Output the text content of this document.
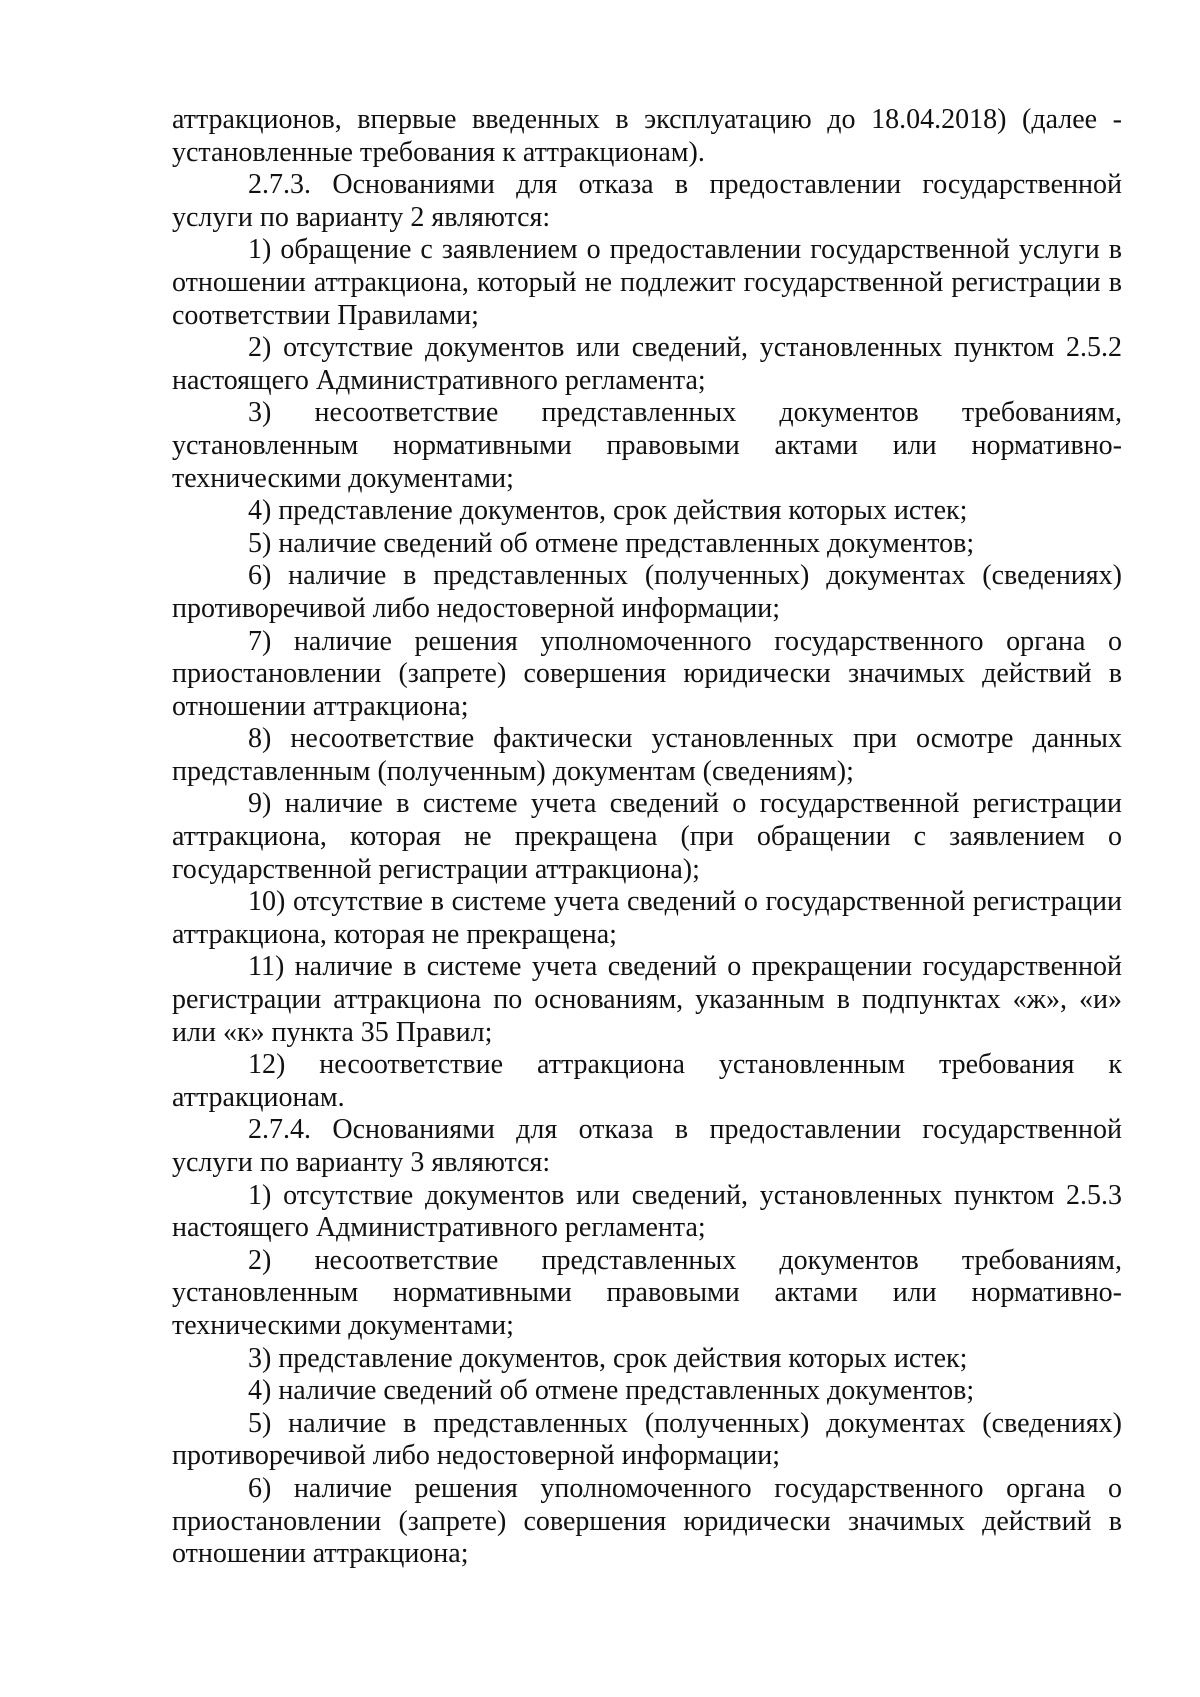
аттракционов, впервые введенных в эксплуатацию до 18.04.2018) (далее - установленные требования к аттракционам).

2.7.3. Основаниями для отказа в предоставлении государственной услуги по варианту 2 являются:

1) обращение с заявлением о предоставлении государственной услуги в отношении аттракциона, который не подлежит государственной регистрации в соответствии Правилами;

2) отсутствие документов или сведений, установленных пунктом 2.5.2 настоящего Административного регламента;

3) несоответствие представленных документов требованиям, установленным нормативными правовыми актами или нормативно-техническими документами;

4) представление документов, срок действия которых истек;

5) наличие сведений об отмене представленных документов;

6) наличие в представленных (полученных) документах (сведениях) противоречивой либо недостоверной информации;

7) наличие решения уполномоченного государственного органа о приостановлении (запрете) совершения юридически значимых действий в отношении аттракциона;

8) несоответствие фактически установленных при осмотре данных представленным (полученным) документам (сведениям);

9) наличие в системе учета сведений о государственной регистрации аттракциона, которая не прекращена (при обращении с заявлением о государственной регистрации аттракциона);

10) отсутствие в системе учета сведений о государственной регистрации аттракциона, которая не прекращена;

11) наличие в системе учета сведений о прекращении государственной регистрации аттракциона по основаниям, указанным в подпунктах «ж», «и» или «к» пункта 35 Правил;

12) несоответствие аттракциона установленным требования к аттракционам.

2.7.4. Основаниями для отказа в предоставлении государственной услуги по варианту 3 являются:

1) отсутствие документов или сведений, установленных пунктом 2.5.3 настоящего Административного регламента;

2) несоответствие представленных документов требованиям, установленным нормативными правовыми актами или нормативно-техническими документами;

3) представление документов, срок действия которых истек;

4) наличие сведений об отмене представленных документов;

5) наличие в представленных (полученных) документах (сведениях) противоречивой либо недостоверной информации;

6) наличие решения уполномоченного государственного органа о приостановлении (запрете) совершения юридически значимых действий в отношении аттракциона;
